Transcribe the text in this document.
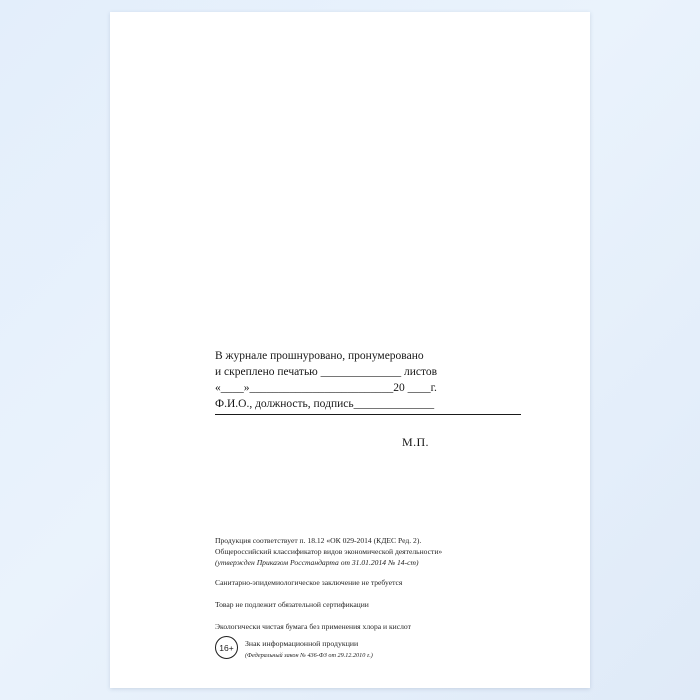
В журнале прошнуровано, пронумеровано
и скреплено печатью ______________ листов
«____»_________________________20 ____г.
Ф.И.О., должность, подпись______________
М.П.
Продукция соответствует п. 18.12 «ОК 029-2014 (КДЕС Ред. 2).
Общероссийский классификатор видов экономической деятельности»
(утвержден Приказом Росстандарта от 31.01.2014 № 14-ст)
Санитарно-эпидемиологическое заключение не требуется
Товар не подлежит обязательной сертификации
Экологически чистая бумага без применения хлора и кислот
16+	Знак информационной продукции
(Федеральный закон № 436-ФЗ от 29.12.2010 г.)
